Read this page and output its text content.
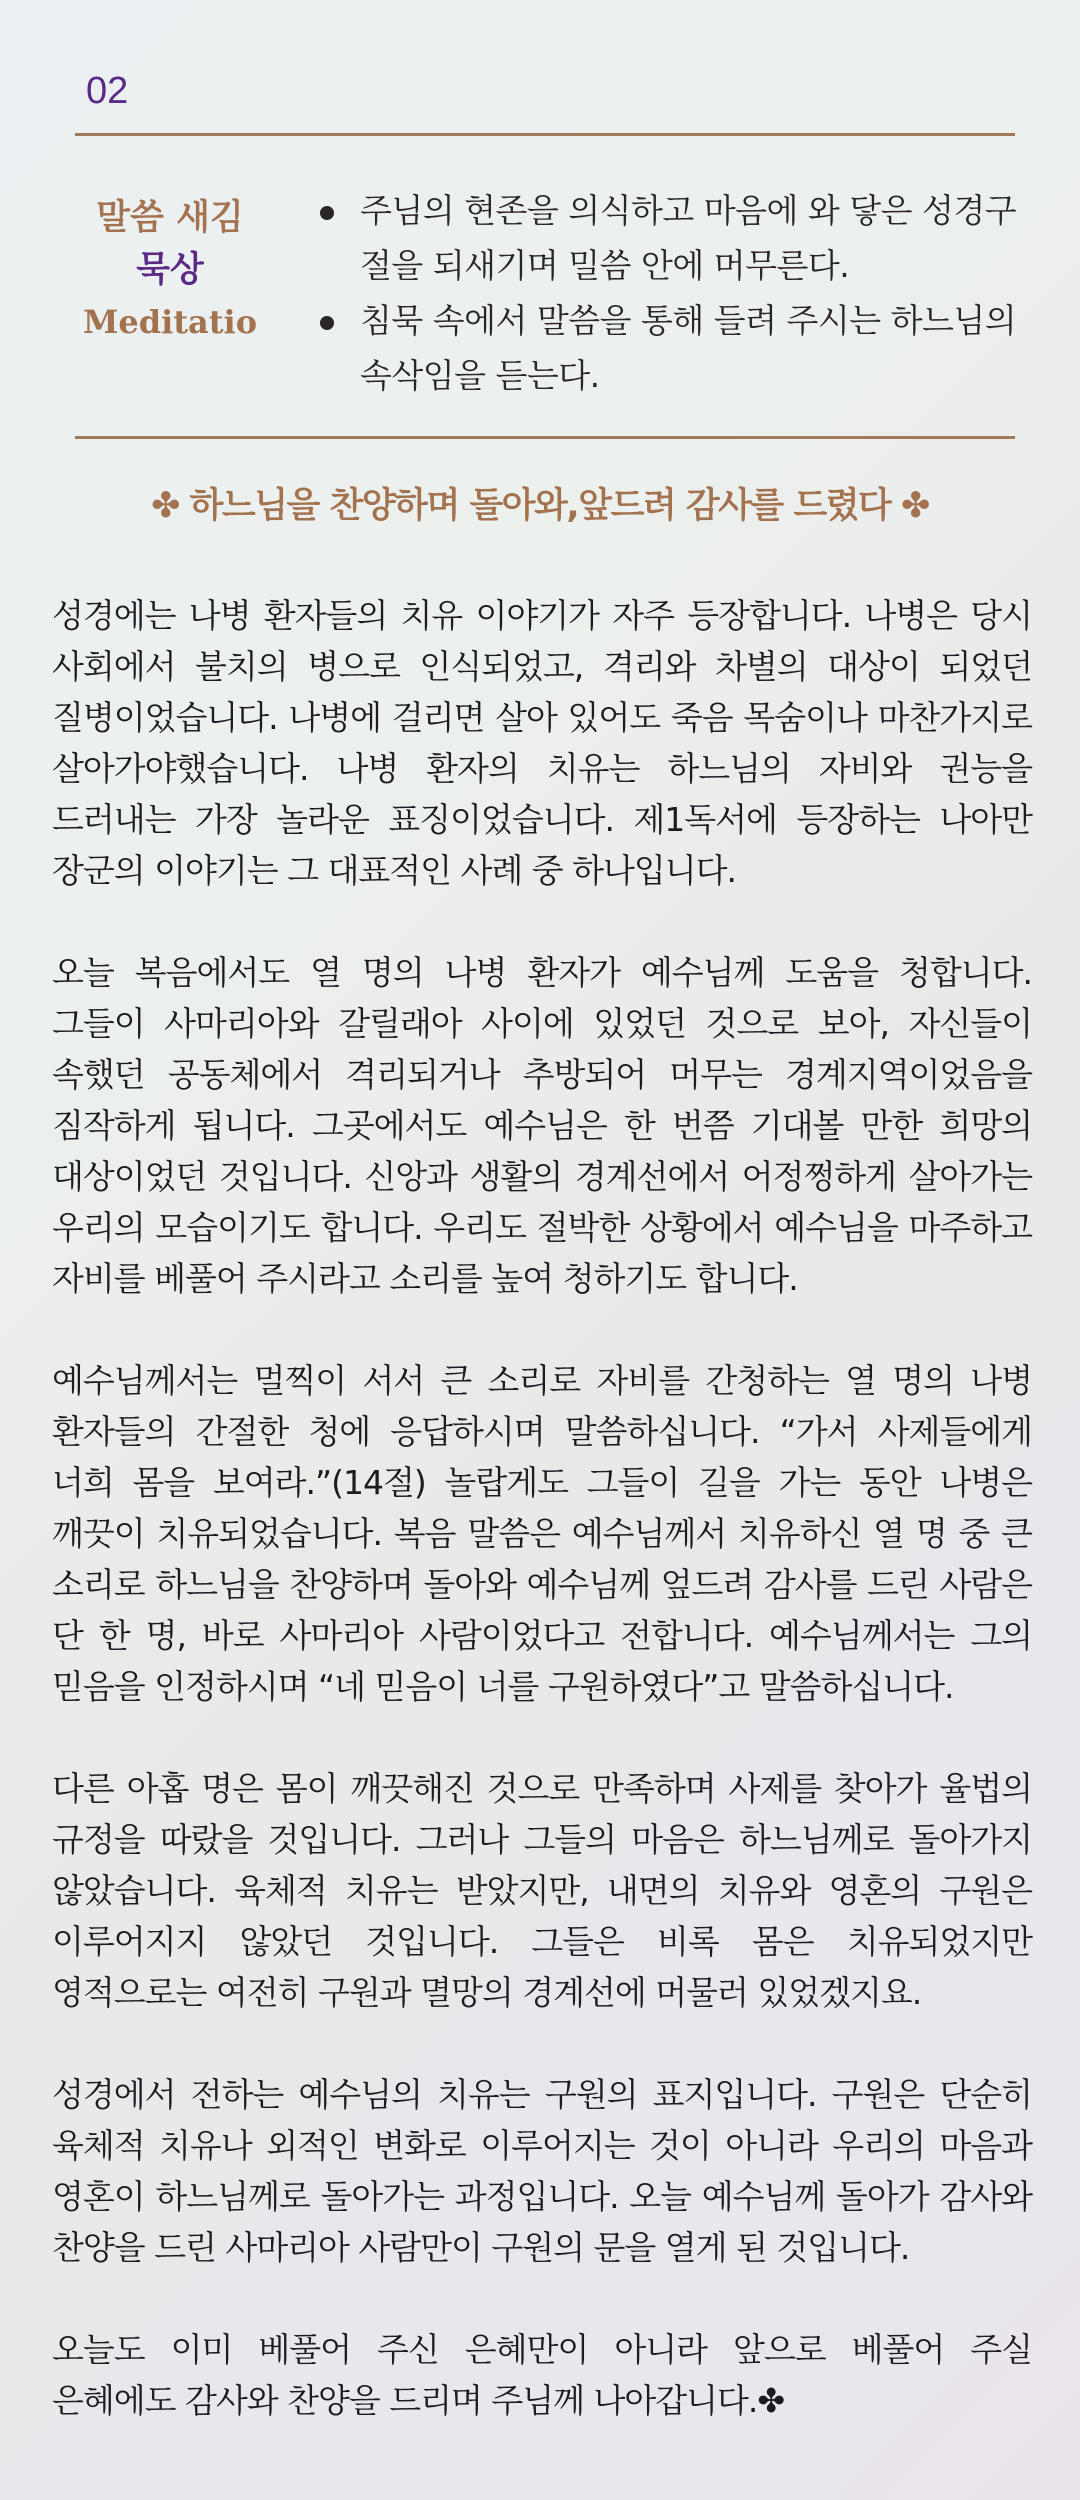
02
말씀 새김
묵상
Meditatio
주님의 현존을 의식하고 마음에 와 닿은 성경구절을 되새기며 밀씀 안에 머무른다.
침묵 속에서 말씀을 통해 들려 주시는 하느님의 속삭임을 듣는다.
✤ 하느님을 찬양하며 돌아와,앞드려 감사를 드렸다 ✤

성경에는 나병 환자들의 치유 이야기가 자주 등장합니다. 나병은 당시 사회에서 불치의 병으로 인식되었고, 격리와 차별의 대상이 되었던 질병이었습니다. 나병에 걸리면 살아 있어도 죽음 목숨이나 마찬가지로 살아가야했습니다. 나병 환자의 치유는 하느님의 자비와 권능을 드러내는 가장 놀라운 표징이었습니다. 제1독서에 등장하는 나아만 장군의 이야기는 그 대표적인 사례 중 하나입니다.

오늘 복음에서도 열 명의 나병 환자가 예수님께 도움을 청합니다. 그들이 사마리아와 갈릴래아 사이에 있었던 것으로 보아, 자신들이 속했던 공동체에서 격리되거나 추방되어 머무는 경계지역이었음을 짐작하게 됩니다. 그곳에서도 예수님은 한 번쯤 기대볼 만한 희망의 대상이었던 것입니다. 신앙과 생활의 경계선에서 어정쩡하게 살아가는 우리의 모습이기도 합니다. 우리도 절박한 상황에서 예수님을 마주하고 자비를 베풀어 주시라고 소리를 높여 청하기도 합니다.

예수님께서는 멀찍이 서서 큰 소리로 자비를 간청하는 열 명의 나병 환자들의 간절한 청에 응답하시며 말씀하십니다. “가서 사제들에게 너희 몸을 보여라.”(14절) 놀랍게도 그들이 길을 가는 동안 나병은 깨끗이 치유되었습니다. 복음 말씀은 예수님께서 치유하신 열 명 중 큰 소리로 하느님을 찬양하며 돌아와 예수님께 엎드려 감사를 드린 사람은 단 한 명, 바로 사마리아 사람이었다고 전합니다. 예수님께서는 그의 믿음을 인정하시며 “네 믿음이 너를 구원하였다”고 말씀하십니다.

다른 아홉 명은 몸이 깨끗해진 것으로 만족하며 사제를 찾아가 율법의 규정을 따랐을 것입니다. 그러나 그들의 마음은 하느님께로 돌아가지 않았습니다. 육체적 치유는 받았지만, 내면의 치유와 영혼의 구원은 이루어지지 않았던 것입니다. 그들은 비록 몸은 치유되었지만 영적으로는 여전히 구원과 멸망의 경계선에 머물러 있었겠지요.

성경에서 전하는 예수님의 치유는 구원의 표지입니다. 구원은 단순히 육체적 치유나 외적인 변화로 이루어지는 것이 아니라 우리의 마음과 영혼이 하느님께로 돌아가는 과정입니다. 오늘 예수님께 돌아가 감사와 찬양을 드린 사마리아 사람만이 구원의 문을 열게 된 것입니다.

오늘도 이미 베풀어 주신 은혜만이 아니라 앞으로 베풀어 주실 은혜에도 감사와 찬양을 드리며 주님께 나아갑니다.✤
